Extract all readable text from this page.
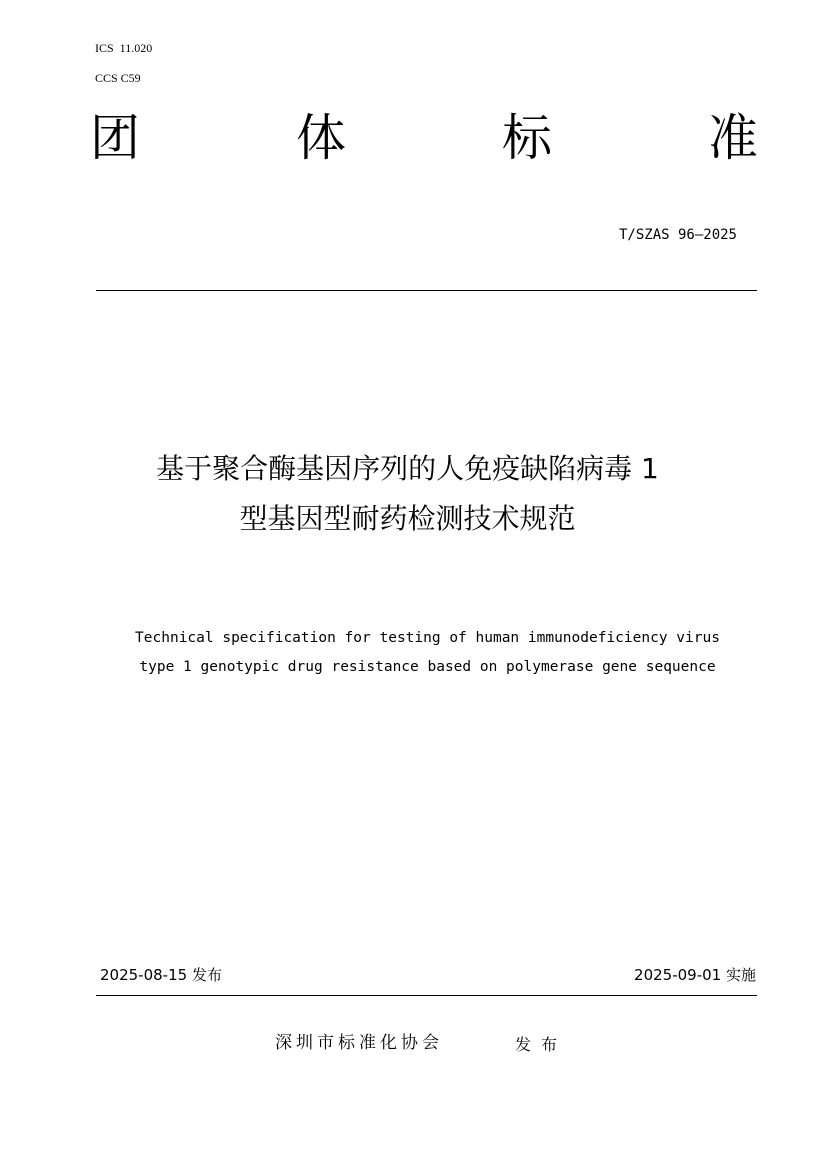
ICS  11.020
CCS C59
团	体	标	准
T/SZAS 96—2025
基于聚合酶基因序列的人免疫缺陷病毒 1
型基因型耐药检测技术规范
Technical specification for testing of human immunodeficiency virus
type 1 genotypic drug resistance based on polymerase gene sequence
2025-08-15 发布	2025-09-01 实施
深圳市标准化协会	发布
